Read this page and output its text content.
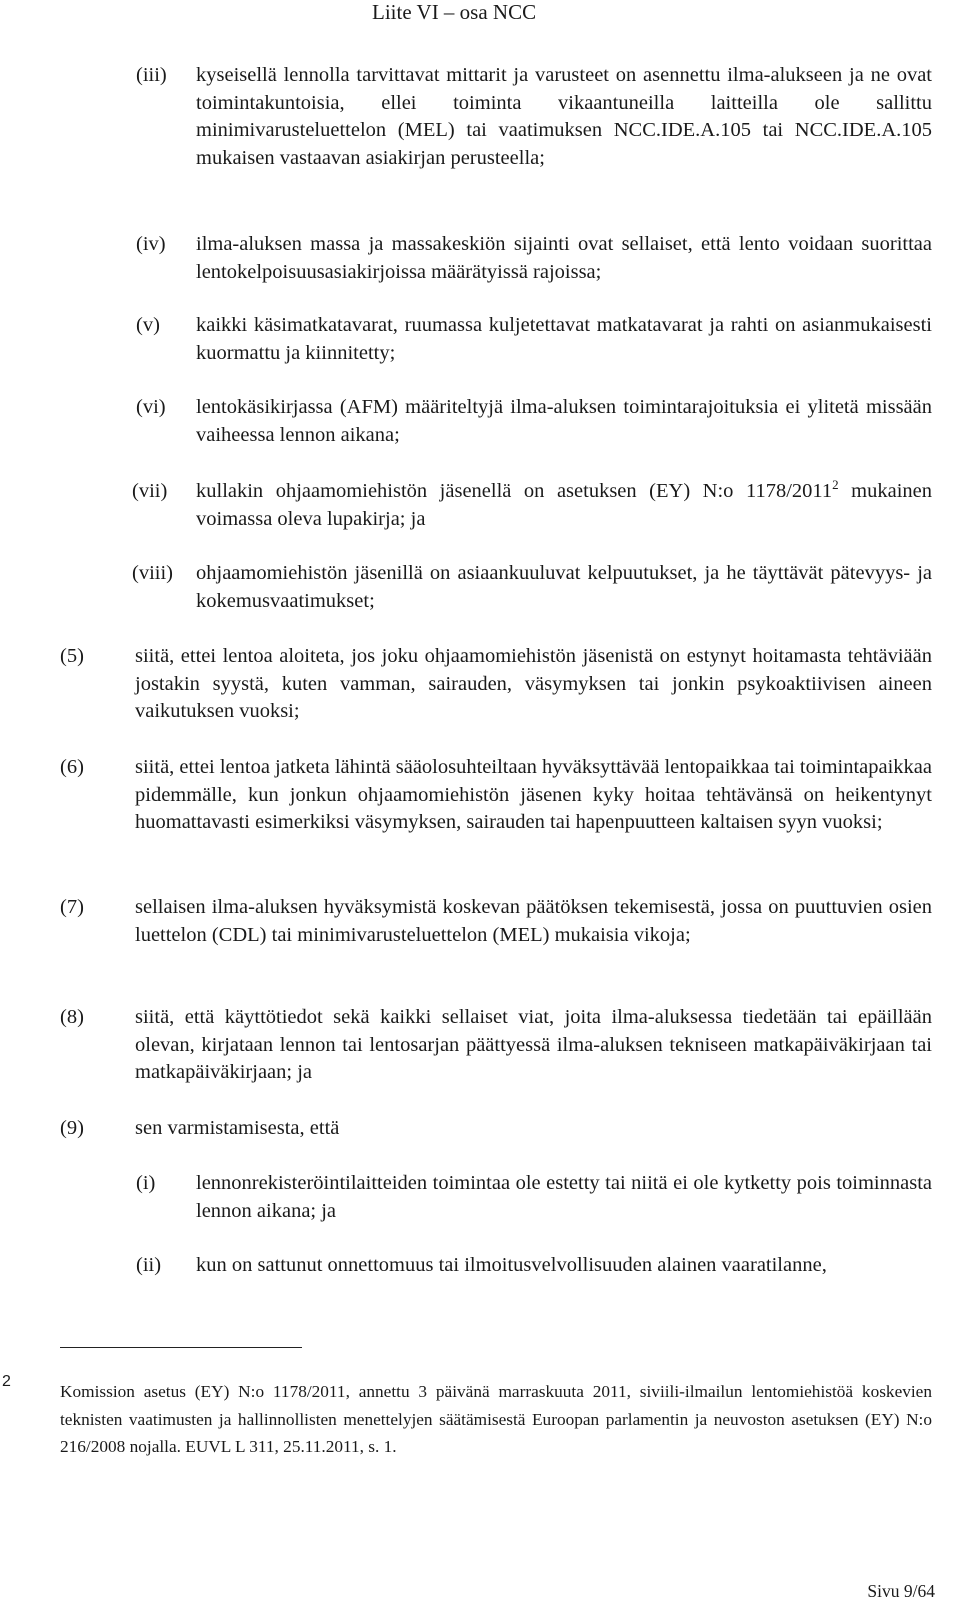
Liite VI – osa NCC
(iii) kyseisellä lennolla tarvittavat mittarit ja varusteet on asennettu ilma-alukseen ja ne ovat toimintakuntoisia, ellei toiminta vikaantuneilla laitteilla ole sallittu minimivarusteluettelon (MEL) tai vaatimuksen NCC.IDE.A.105 tai NCC.IDE.A.105 mukaisen vastaavan asiakirjan perusteella;
(iv) ilma-aluksen massa ja massakeskiön sijainti ovat sellaiset, että lento voidaan suorittaa lentokelpoisuusasiakirjoissa määrätyissä rajoissa;
(v) kaikki käsimatkatavarat, ruumassa kuljetettavat matkatavarat ja rahti on asianmukaisesti kuormattu ja kiinnitetty;
(vi) lentokäsikirjassa (AFM) määriteltyjä ilma-aluksen toimintarajoituksia ei ylitetä missään vaiheessa lennon aikana;
(vii) kullakin ohjaamomiehistön jäsenellä on asetuksen (EY) N:o 1178/2011$^2$ mukainen voimassa oleva lupakirja; ja
(viii) ohjaamomiehistön jäsenillä on asiaankuuluvat kelpuutukset, ja he täyttävät pätevyys- ja kokemusvaatimukset;
(5) siitä, ettei lentoa aloiteta, jos joku ohjaamomiehistön jäsenistä on estynyt hoitamasta tehtäviään jostakin syystä, kuten vamman, sairauden, väsymyksen tai jonkin psykoaktiivisen aineen vaikutuksen vuoksi;
(6) siitä, ettei lentoa jatketa lähintä sääolosuhteiltaan hyväksyttävää lentopaikkaa tai toimintapaikkaa pidemmälle, kun jonkun ohjaamomiehistön jäsenen kyky hoitaa tehtävänsä on heikentynyt huomattavasti esimerkiksi väsymyksen, sairauden tai hapenpuutteen kaltaisen syyn vuoksi;
(7) sellaisen ilma-aluksen hyväksymistä koskevan päätöksen tekemisestä, jossa on puuttuvien osien luettelon (CDL) tai minimivarusteluettelon (MEL) mukaisia vikoja;
(8) siitä, että käyttötiedot sekä kaikki sellaiset viat, joita ilma-aluksessa tiedetään tai epäillään olevan, kirjataan lennon tai lentosarjan päättyessä ilma-aluksen tekniseen matkapäiväkirjaan tai matkapäiväkirjaan; ja
(9) sen varmistamisesta, että
(i) lennonrekisteröintilaitteiden toimintaa ole estetty tai niitä ei ole kytketty pois toiminnasta lennon aikana; ja
(ii) kun on sattunut onnettomuus tai ilmoitusvelvollisuuden alainen vaaratilanne,
2
Komission asetus (EY) N:o 1178/2011, annettu 3 päivänä marraskuuta 2011, siviili-ilmailun lentomiehistöä koskevien teknisten vaatimusten ja hallinnollisten menettelyjen säätämisestä Euroopan parlamentin ja neuvoston asetuksen (EY) N:o 216/2008 nojalla. EUVL L 311, 25.11.2011, s. 1.
Sivu 9/64
